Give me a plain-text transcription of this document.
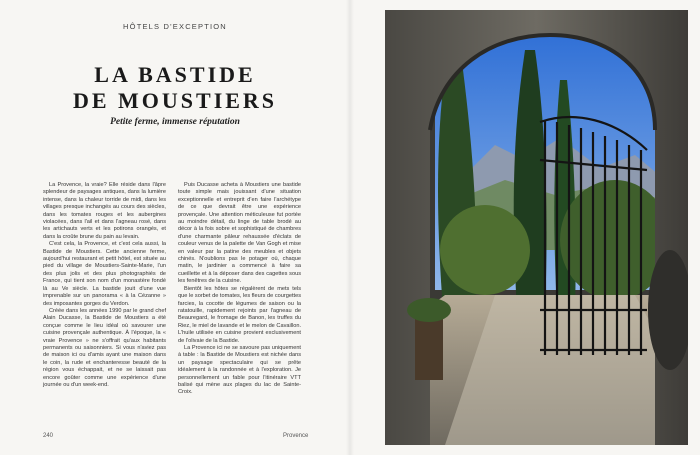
HÔTELS D'EXCEPTION
LA BASTIDE
DE MOUSTIERS
Petite ferme, immense réputation

La Provence, la vraie? Elle réside dans l'âpre splendeur de paysages antiques, dans la lumière intense, dans la chaleur torride de midi, dans les villages presque inchangés au cours des siècles, dans les tomates rouges et les aubergines violacées, dans l'ail et dans l'agneau rosé, dans les artichauts verts et les potirons orangés, et dans la croûte brune du pain au levain.

C'est cela, la Provence, et c'est cela aussi, la Bastide de Moustiers. Cette ancienne ferme, aujourd'hui restaurant et petit hôtel, est située au pied du village de Moustiers-Sainte-Marie, l'un des plus jolis et des plus photographiés de France, qui tient son nom d'un monastère fondé là au Ve siècle. La bastide jouit d'une vue imprenable sur un panorama « à la Cézanne » des imposantes gorges du Verdon.

Créée dans les années 1990 par le grand chef Alain Ducasse, la Bastide de Moustiers a été conçue comme le lieu idéal où savourer une cuisine provençale authentique. À l'époque, la « vraie Provence » ne s'offrait qu'aux habitants permanents ou saisonniers. Si vous n'aviez pas de maison ici ou d'amis ayant une maison dans le coin, la rude et enchanteresse beauté de la région vous échappait, et ne se laissait pas encore goûter comme une expérience d'une journée ou d'un week-end.

Puis Ducasse acheta à Moustiers une bastide toute simple mais jouissant d'une situation exceptionnelle et entreprit d'en faire l'archétype de ce que devrait être une expérience provençale. Une attention méticuleuse fut portée au moindre détail, du linge de table brodé au décor à la fois sobre et sophistiqué de chambres d'une charmante pâleur rehaussée d'éclats de couleur venus de la palette de Van Gogh et mise en valeur par la patine des meubles et objets chinés. N'oublions pas le potager où, chaque matin, le jardinier a commencé à faire sa cueillette et à la déposer dans des cagettes sous les fenêtres de la cuisine.

Bientôt les hôtes se régalèrent de mets tels que le sorbet de tomates, les fleurs de courgettes farcies, la cocotte de légumes de saison ou la ratatouille, rapidement rejoints par l'agneau de Beauregard, le fromage de Banon, les truffes du Riez, le miel de lavande et le melon de Cavaillon. L'huile utilisée en cuisine provient exclusivement de l'olivaie de la Bastide.

La Provence ici ne se savoure pas uniquement à table : la Bastide de Moustiers est nichée dans un paysage spectaculaire qui se prête idéalement à la randonnée et à l'exploration. Je personnellement un fable pour l'itinéraire VTT balisé qui mène aux plages du lac de Sainte-Croix.

240	Provence
